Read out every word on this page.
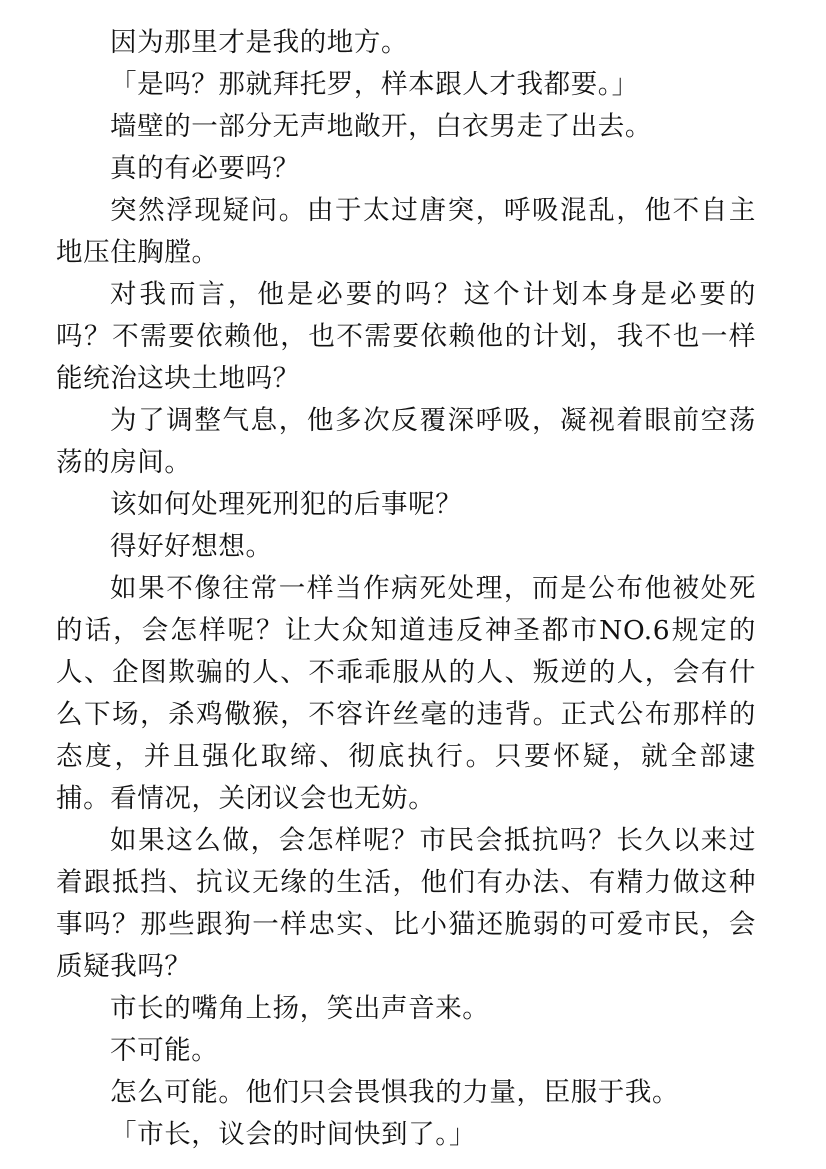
因为那里才是我的地方。

「是吗？那就拜托罗，样本跟人才我都要。」

墙壁的一部分无声地敞开，白衣男走了出去。

真的有必要吗？

突然浮现疑问。由于太过唐突，呼吸混乱，他不自主地压住胸膛。

对我而言，他是必要的吗？这个计划本身是必要的吗？不需要依赖他，也不需要依赖他的计划，我不也一样能统治这块土地吗？

为了调整气息，他多次反覆深呼吸，凝视着眼前空荡荡的房间。

该如何处理死刑犯的后事呢？

得好好想想。

如果不像往常一样当作病死处理，而是公布他被处死的话，会怎样呢？让大众知道违反神圣都市NO.6规定的人、企图欺骗的人、不乖乖服从的人、叛逆的人，会有什么下场，杀鸡儆猴，不容许丝毫的违背。正式公布那样的态度，并且强化取缔、彻底执行。只要怀疑，就全部逮捕。看情况，关闭议会也无妨。

如果这么做，会怎样呢？市民会抵抗吗？长久以来过着跟抵挡、抗议无缘的生活，他们有办法、有精力做这种事吗？那些跟狗一样忠实、比小猫还脆弱的可爱市民，会质疑我吗？

市长的嘴角上扬，笑出声音来。

不可能。

怎么可能。他们只会畏惧我的力量，臣服于我。

「市长，议会的时间快到了。」
